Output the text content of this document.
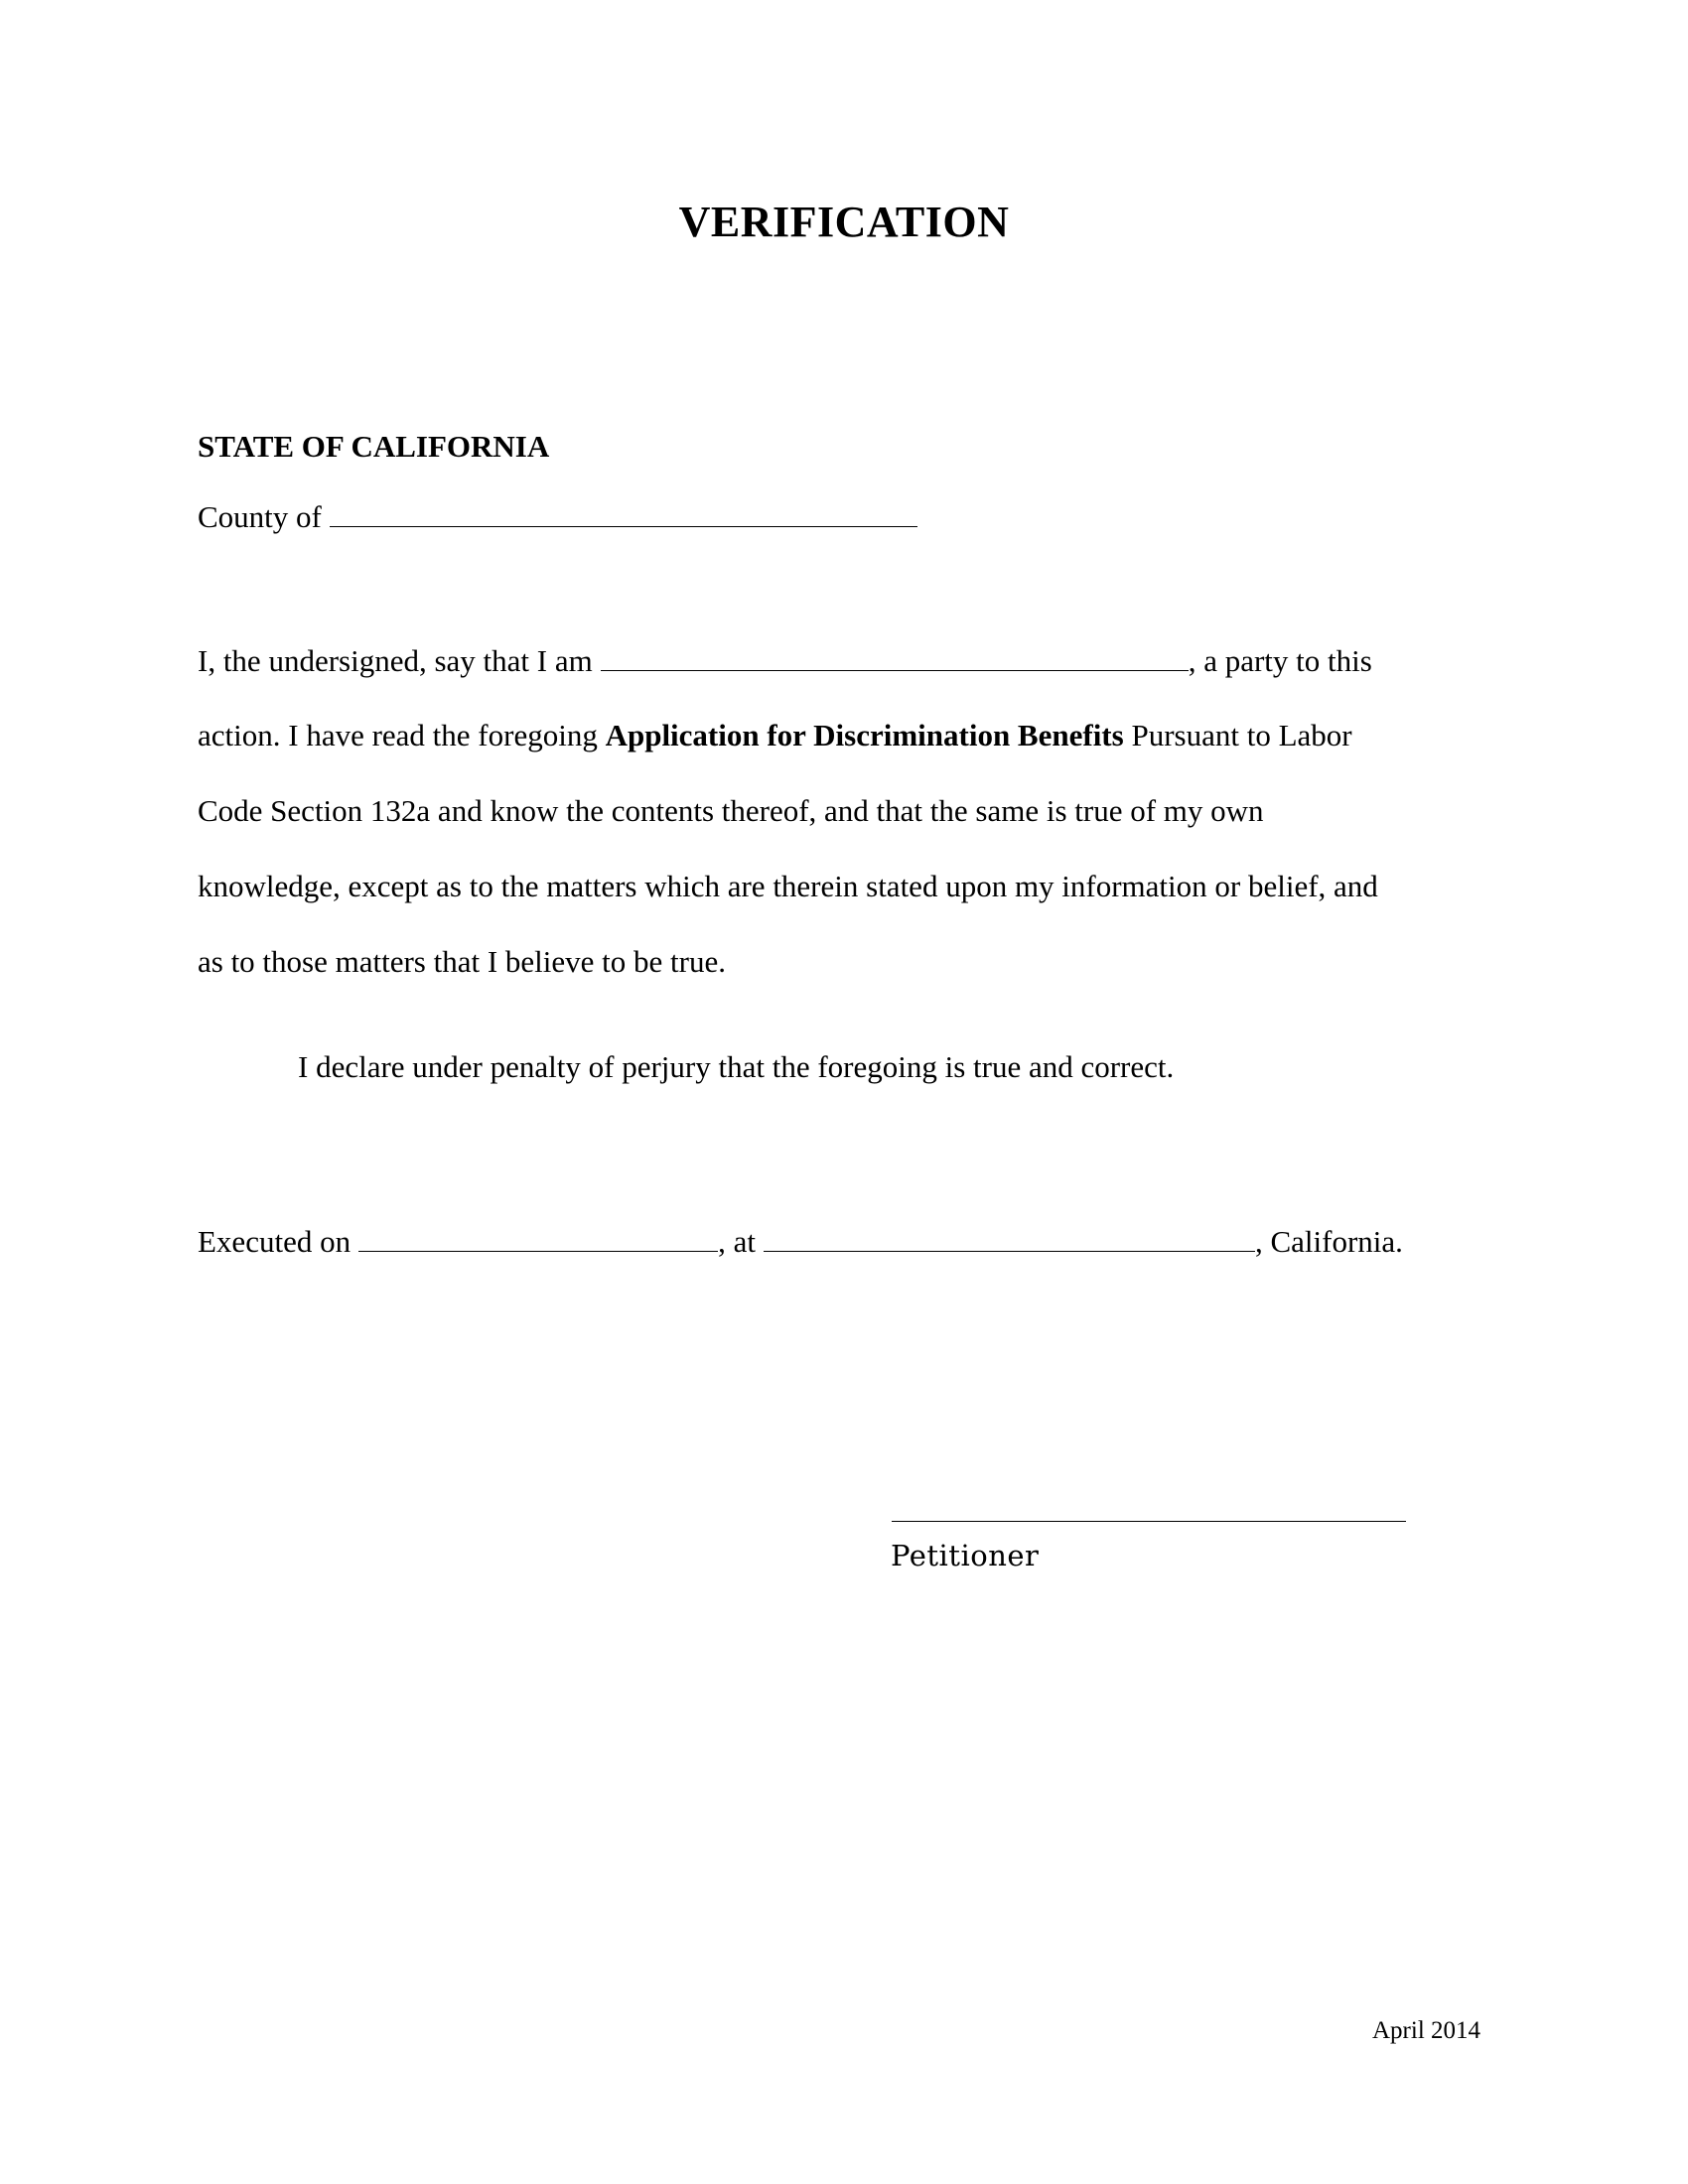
VERIFICATION
STATE OF CALIFORNIA
County of
I, the undersigned, say that I am	, a party to this
action. I have read the foregoing Application for Discrimination Benefits Pursuant to Labor
Code Section 132a and know the contents thereof, and that the same is true of my own
knowledge, except as to the matters which are therein stated upon my information or belief, and
as to those matters that I believe to be true.
I declare under penalty of perjury that the foregoing is true and correct.
Executed on	, at	, California.
Petitioner
April 2014
